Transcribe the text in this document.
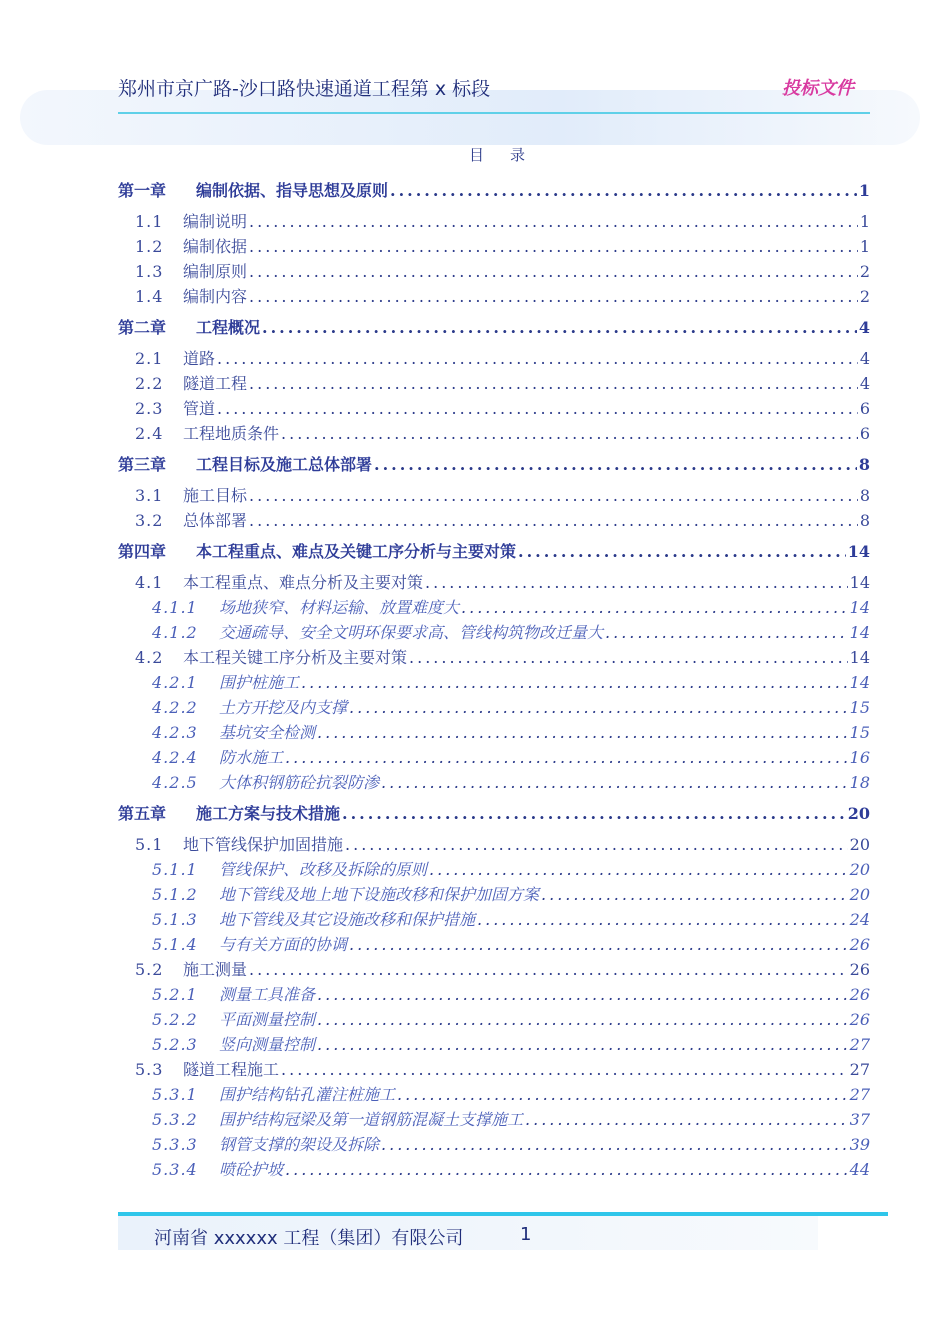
郑州市京广路-沙口路快速通道工程第 x 标段	投标文件
目录
第一章 编制依据、指导思想及原则 .....	1
1.1 编制说明 .....	1
1.2 编制依据 .....	1
1.3 编制原则 .....	2
1.4 编制内容 .....	2
第二章 工程概况 .....	4
2.1 道路 .....	4
2.2 隧道工程 .....	4
2.3 管道 .....	6
2.4 工程地质条件 .....	6
第三章 工程目标及施工总体部署 .....	8
3.1 施工目标 .....	8
3.2 总体部署 .....	8
第四章 本工程重点、难点及关键工序分析与主要对策 .....	14
4.1 本工程重点、难点分析及主要对策 .....	14
4.1.1 场地狭窄、材料运输、放置难度大 .....	14
4.1.2 交通疏导、安全文明环保要求高、管线构筑物改迁量大 .....	14
4.2 本工程关键工序分析及主要对策 .....	14
4.2.1 围护桩施工 .....	14
4.2.2 土方开挖及内支撑 .....	15
4.2.3 基坑安全检测 .....	15
4.2.4 防水施工 .....	16
4.2.5 大体积钢筋砼抗裂防渗 .....	18
第五章 施工方案与技术措施 .....	20
5.1 地下管线保护加固措施 .....	20
5.1.1 管线保护、改移及拆除的原则 .....	20
5.1.2 地下管线及地上地下设施改移和保护加固方案 .....	20
5.1.3 地下管线及其它设施改移和保护措施 .....	24
5.1.4 与有关方面的协调 .....	26
5.2 施工测量 .....	26
5.2.1 测量工具准备 .....	26
5.2.2 平面测量控制 .....	26
5.2.3 竖向测量控制 .....	27
5.3 隧道工程施工 .....	27
5.3.1 围护结构钻孔灌注桩施工 .....	27
5.3.2 围护结构冠梁及第一道钢筋混凝土支撑施工 .....	37
5.3.3 钢管支撑的架设及拆除 .....	39
5.3.4 喷砼护坡 .....	44
河南省 xxxxxx 工程（集团）有限公司	1
